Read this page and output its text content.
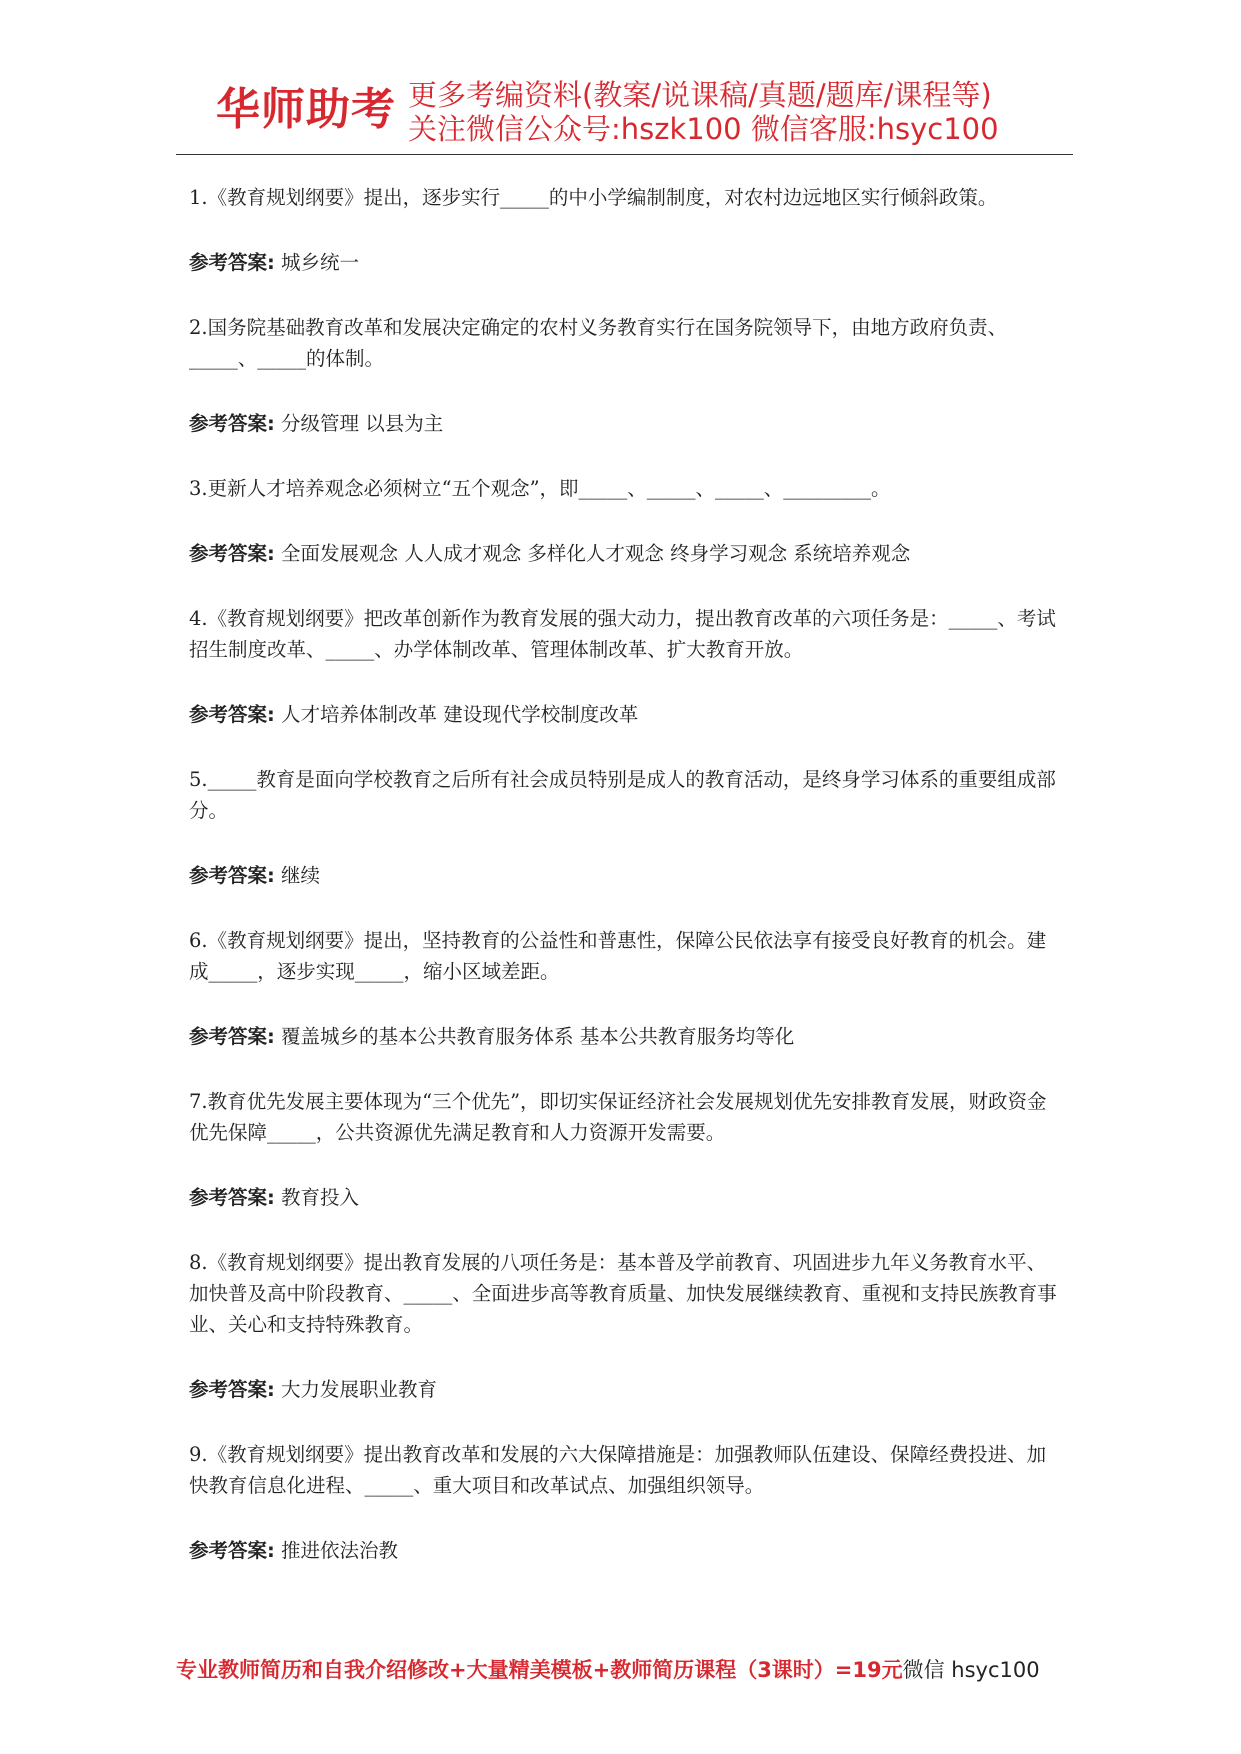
华师助考 更多考编资料(教案/说课稿/真题/题库/课程等)
关注微信公众号:hszk100 微信客服:hsyc100

1.《教育规划纲要》提出，逐步实行_____的中小学编制制度，对农村边远地区实行倾斜政策。

参考答案: 城乡统一

2.国务院基础教育改革和发展决定确定的农村义务教育实行在国务院领导下，由地方政府负责、_____、_____的体制。

参考答案: 分级管理 以县为主

3.更新人才培养观念必须树立“五个观念”，即_____、_____、_____、_________。

参考答案: 全面发展观念 人人成才观念 多样化人才观念 终身学习观念 系统培养观念

4.《教育规划纲要》把改革创新作为教育发展的强大动力，提出教育改革的六项任务是：_____、考试招生制度改革、_____、办学体制改革、管理体制改革、扩大教育开放。

参考答案: 人才培养体制改革 建设现代学校制度改革

5._____教育是面向学校教育之后所有社会成员特别是成人的教育活动，是终身学习体系的重要组成部分。

参考答案: 继续

6.《教育规划纲要》提出，坚持教育的公益性和普惠性，保障公民依法享有接受良好教育的机会。建成_____，逐步实现_____，缩小区域差距。

参考答案: 覆盖城乡的基本公共教育服务体系 基本公共教育服务均等化

7.教育优先发展主要体现为“三个优先”，即切实保证经济社会发展规划优先安排教育发展，财政资金优先保障_____，公共资源优先满足教育和人力资源开发需要。

参考答案: 教育投入

8.《教育规划纲要》提出教育发展的八项任务是：基本普及学前教育、巩固进步九年义务教育水平、加快普及高中阶段教育、_____、全面进步高等教育质量、加快发展继续教育、重视和支持民族教育事业、关心和支持特殊教育。

参考答案: 大力发展职业教育

9.《教育规划纲要》提出教育改革和发展的六大保障措施是：加强教师队伍建设、保障经费投进、加快教育信息化进程、_____、重大项目和改革试点、加强组织领导。

参考答案: 推进依法治教

专业教师简历和自我介绍修改+大量精美模板+教师简历课程（3课时）=19元微信 hsyc100
